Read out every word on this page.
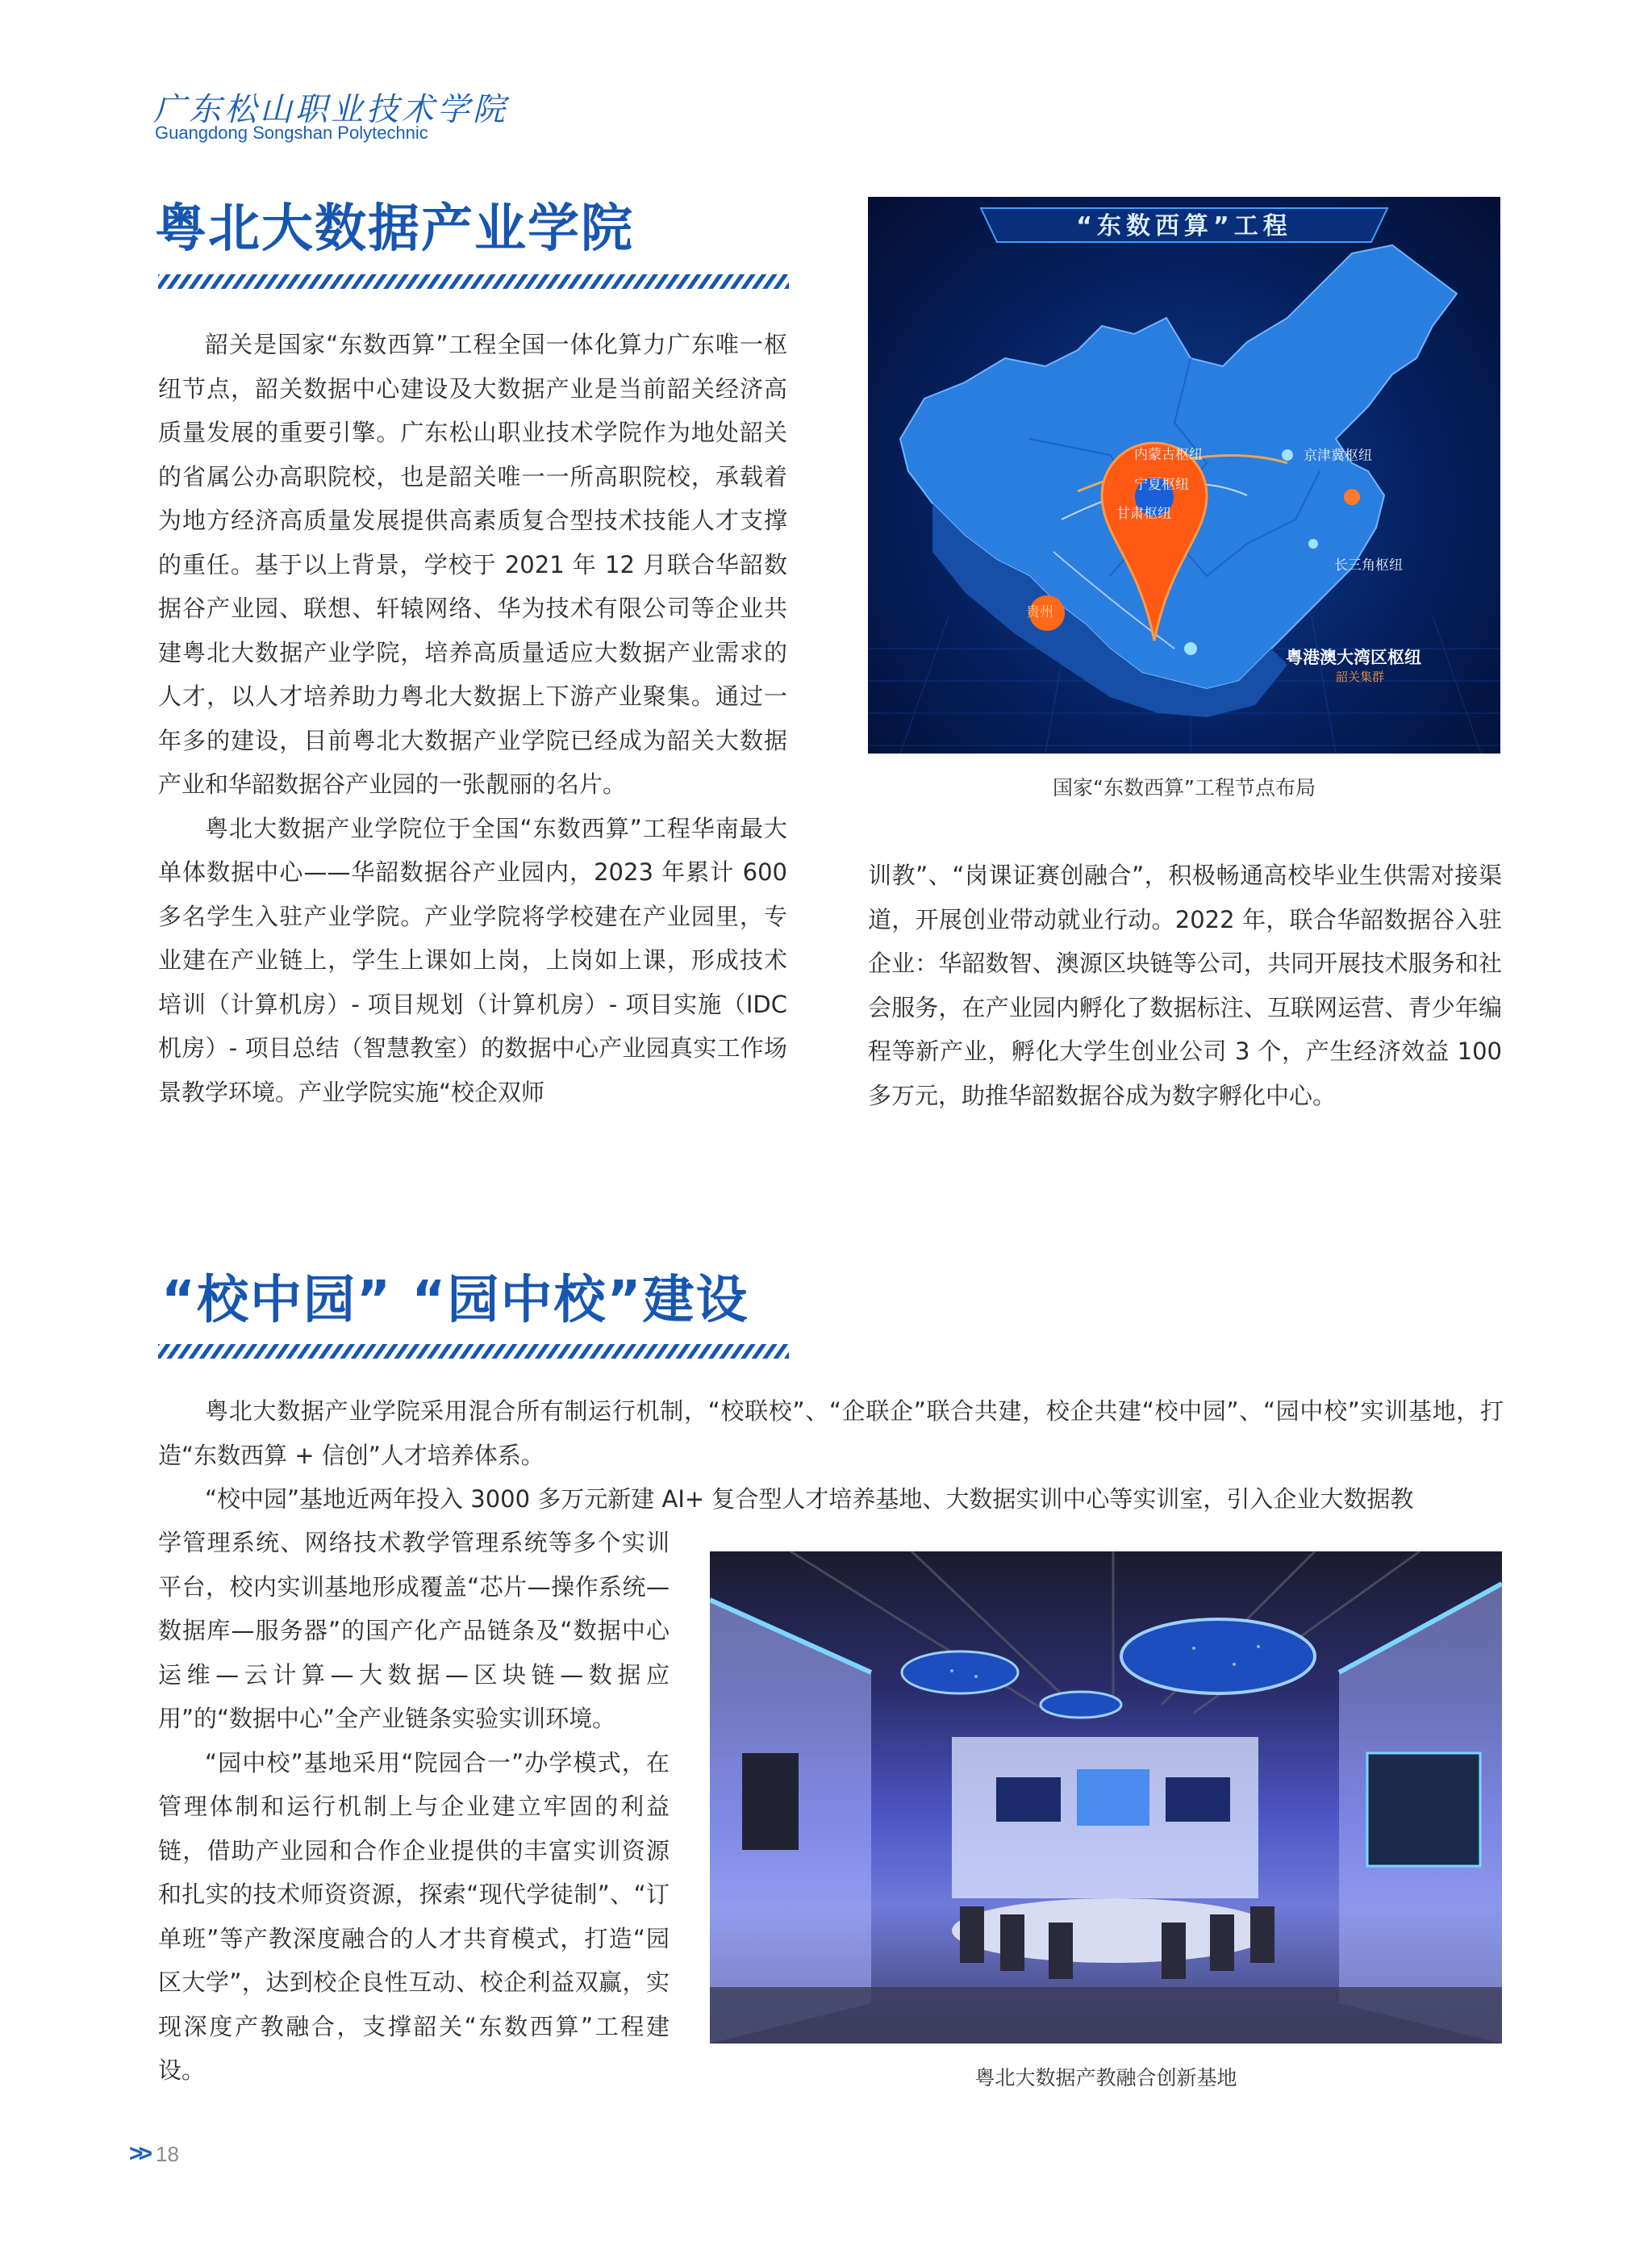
广东松山职业技术学院
Guangdong Songshan Polytechnic
粤北大数据产业学院

韶关是国家“东数西算”工程全国一体化算力广东唯一枢纽节点，韶关数据中心建设及大数据产业是当前韶关经济高质量发展的重要引擎。广东松山职业技术学院作为地处韶关的省属公办高职院校，也是韶关唯一一所高职院校，承载着为地方经济高质量发展提供高素质复合型技术技能人才支撑的重任。基于以上背景，学校于 2021 年 12 月联合华韶数据谷产业园、联想、轩辕网络、华为技术有限公司等企业共建粤北大数据产业学院，培养高质量适应大数据产业需求的人才，以人才培养助力粤北大数据上下游产业聚集。通过一年多的建设，目前粤北大数据产业学院已经成为韶关大数据产业和华韶数据谷产业园的一张靓丽的名片。

粤北大数据产业学院位于全国“东数西算”工程华南最大单体数据中心——华韶数据谷产业园内，2023 年累计 600 多名学生入驻产业学院。产业学院将学校建在产业园里，专业建在产业链上，学生上课如上岗，上岗如上课，形成技术培训（计算机房）- 项目规划（计算机房）- 项目实施（IDC 机房）- 项目总结（智慧教室）的数据中心产业园真实工作场景教学环境。产业学院实施“校企双师

“东数西算”工程
内蒙古枢纽	京津冀枢纽
宁夏枢纽
甘肃枢纽
长三角枢纽
贵州
粤港澳大湾区枢纽
韶关集群
国家“东数西算”工程节点布局

训教”、“岗课证赛创融合”，积极畅通高校毕业生供需对接渠道，开展创业带动就业行动。2022 年，联合华韶数据谷入驻企业：华韶数智、澳源区块链等公司，共同开展技术服务和社会服务，在产业园内孵化了数据标注、互联网运营、青少年编程等新产业，孵化大学生创业公司 3 个，产生经济效益 100 多万元，助推华韶数据谷成为数字孵化中心。

“校中园” “园中校”建设

粤北大数据产业学院采用混合所有制运行机制，“校联校”、“企联企”联合共建，校企共建“校中园”、“园中校”实训基地，打造“东数西算 + 信创”人才培养体系。

“校中园”基地近两年投入 3000 多万元新建 AI+ 复合型人才培养基地、大数据实训中心等实训室，引入企业大数据教

学管理系统、网络技术教学管理系统等多个实训平台，校内实训基地形成覆盖“芯片—操作系统—数据库—服务器”的国产化产品链条及“数据中心运维—云计算—大数据—区块链—数据应用”的“数据中心”全产业链条实验实训环境。

“园中校”基地采用“院园合一”办学模式，在管理体制和运行机制上与企业建立牢固的利益链，借助产业园和合作企业提供的丰富实训资源和扎实的技术师资资源，探索“现代学徒制”、“订单班”等产教深度融合的人才共育模式，打造“园区大学”，达到校企良性互动、校企利益双赢，实现深度产教融合，支撑韶关“东数西算”工程建设。	粤北大数据产教融合创新基地
>> 18
